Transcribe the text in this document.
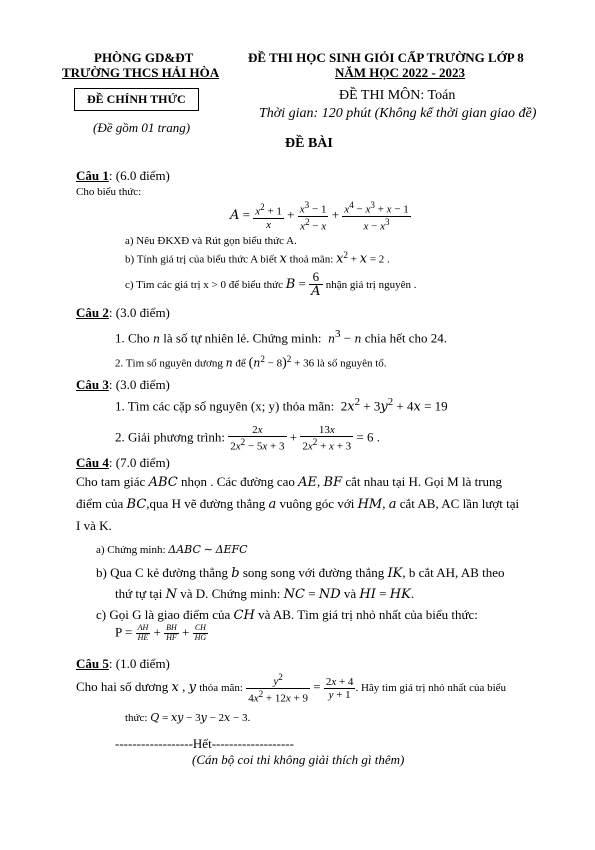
PHÒNG GD&ĐT
TRƯỜNG THCS HẢI HÒA
ĐỀ CHÍNH THỨC
(Đề gồm 01 trang)
ĐỀ THI HỌC SINH GIỎI CẤP TRƯỜNG LỚP 8
NĂM HỌC 2022 - 2023
ĐỀ THI MÔN: Toán
Thời gian: 120 phút (Không kể thời gian giao đề)
ĐỀ BÀI
Câu 1: (6.0 điểm)
Cho biểu thức:
$A = \frac{x^2 + 1}{x} + \frac{x^3 - 1}{x^2 - x} + \frac{x^4 - x^3 + x - 1}{x - x^3}$
a) Nêu ĐKXĐ và Rút gọn biểu thức A.
b) Tính giá trị của biểu thức A biết x thoả mãn: $x^2 + x = 2$ .
c) Tìm các giá trị x > 0 để biểu thức $B = \frac{6}{A}$ nhận giá trị nguyên .
Câu 2: (3.0 điểm)
1. Cho n là số tự nhiên lẻ. Chứng minh: $n^3 - n$ chia hết cho 24.
2. Tìm số nguyên dương n để $(n^2 - 8)^2 + 36$ là số nguyên tố.
Câu 3: (3.0 điểm)
1. Tìm các cặp số nguyên (x; y) thỏa mãn:  $2x^2 + 3y^2 + 4x = 19$
2. Giải phương trình: $\frac{2x}{2x^2 - 5x + 3} + \frac{13x}{2x^2 + x + 3} = 6$ .
Câu 4: (7.0 điểm)
Cho tam giác ABC nhọn . Các đường cao AE, BF cắt nhau tại H. Gọi M là trung
điểm của BC,qua H vẽ đường thẳng a vuông góc với HM, a cắt AB, AC lần lượt tại
I và K.
a) Chứng minh: ΔABC ∼ ΔEFC
b) Qua C kẻ đường thẳng b song song với đường thẳng IK, b cắt AH, AB theo
thứ tự tại N và D. Chứng minh: NC = ND và HI = HK.
c) Gọi G là giao điểm của CH và AB. Tìm giá trị nhỏ nhất của biểu thức:
$P = \frac{AH}{HE} + \frac{BH}{HF} + \frac{CH}{HG}$
Câu 5: (1.0 điểm)
Cho hai số dương x , y thỏa mãn: $\frac{y^2}{4x^2 + 12x + 9} = \frac{2x + 4}{y + 1}$ . Hãy tìm giá trị nhỏ nhất của biểu
thức: Q = xy − 3y − 2x − 3.
------------------Hết-------------------
(Cán bộ coi thi không giải thích gì thêm)
